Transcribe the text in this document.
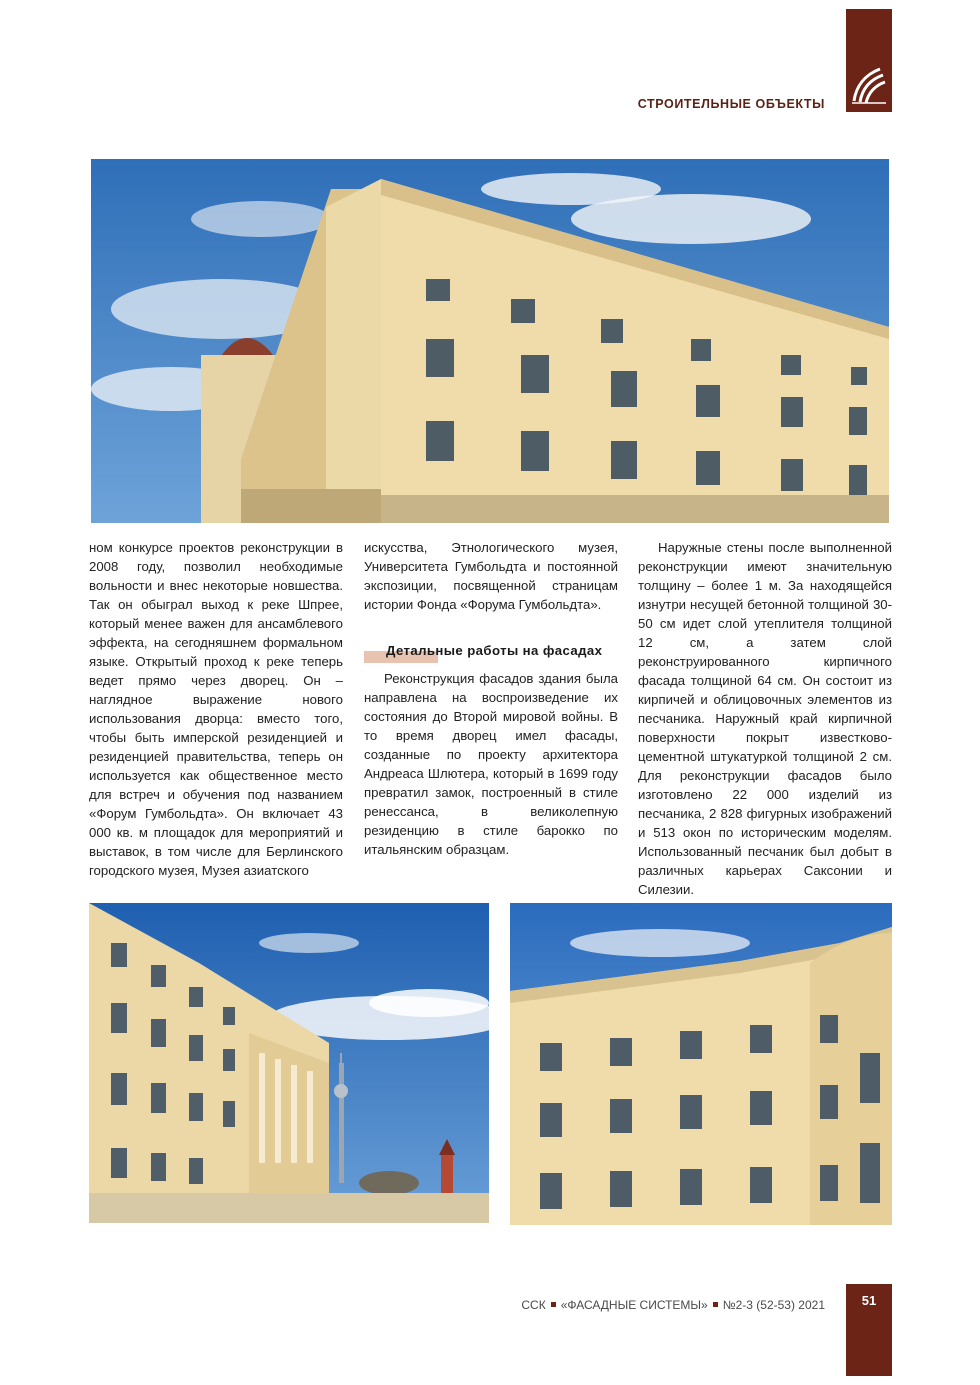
СТРОИТЕЛЬНЫЕ ОБЪЕКТЫ

ном конкурсе проектов реконструкции в 2008 году, позволил необходимые вольности и внес некоторые новшества. Так он обыграл выход к реке Шпрее, который менее важен для ансамблевого эффекта, на сегодняшнем формальном языке. Открытый проход к реке теперь ведет прямо через дворец. Он – наглядное выражение нового использования дворца: вместо того, чтобы быть имперской резиденцией и резиденцией правительства, теперь он используется как общественное место для встреч и обучения под названием «Форум Гумбольдта». Он включает 43 000 кв. м площадок для мероприятий и выставок, в том числе для Берлинского городского музея, Музея азиатского

искусства, Этнологического музея, Университета Гумбольдта и постоянной экспозиции, посвященной страницам истории Фонда «Форума Гумбольдта».

Детальные работы на фасадах

Реконструкция фасадов здания была направлена на воспроизведение их состояния до Второй мировой войны. В то время дворец имел фасады, созданные по проекту архитектора Андреаса Шлютера, который в 1699 году превратил замок, построенный в стиле ренессанса, в великолепную резиденцию в стиле барокко по итальянским образцам.

Наружные стены после выполненной реконструкции имеют значительную толщину – более 1 м. За находящейся изнутри несущей бетонной толщиной 30-50 см идет слой утеплителя толщиной 12 см, а затем слой реконструированного кирпичного фасада толщиной 64 см. Он состоит из кирпичей и облицовочных элементов из песчаника. Наружный край кирпичной поверхности покрыт известково-цементной штукатуркой толщиной 2 см. Для реконструкции фасадов было изготовлено 22 000 изделий из песчаника, 2 828 фигурных изображений и 513 окон по историческим моделям. Использованный песчаник был добыт в различных карьерах Саксонии и Силезии.

ССК «ФАСАДНЫЕ СИСТЕМЫ» №2-3 (52-53) 2021	51
